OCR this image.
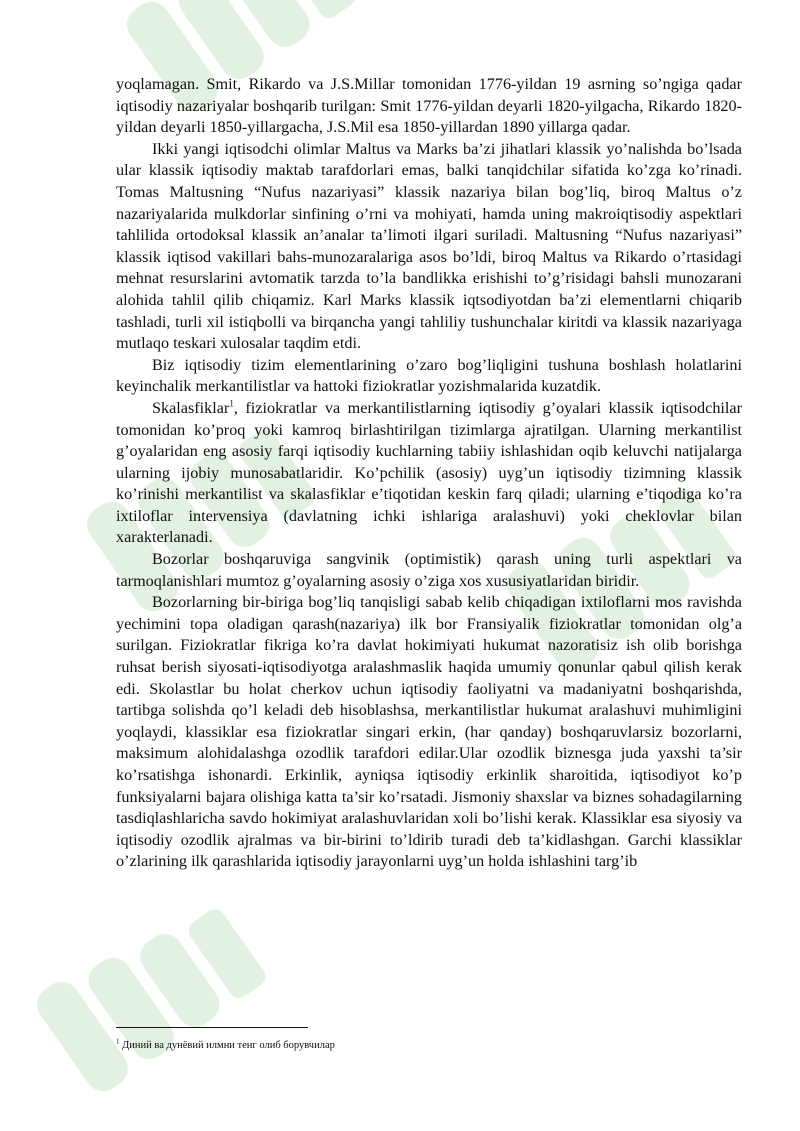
yoqlamagan. Smit, Rikardo va J.S.Millar tomonidan 1776-yildan 19 asrning so’ngiga qadar iqtisodiy nazariyalar boshqarib turilgan: Smit 1776-yildan deyarli 1820-yilgacha, Rikardo 1820-yildan deyarli 1850-yillargacha, J.S.Mil esa 1850-yillardan 1890 yillarga qadar.

Ikki yangi iqtisodchi olimlar Maltus va Marks ba’zi jihatlari klassik yo’nalishda bo’lsada ular klassik iqtisodiy maktab tarafdorlari emas, balki tanqidchilar sifatida ko’zga ko’rinadi. Tomas Maltusning “Nufus nazariyasi” klassik nazariya bilan bog’liq, biroq Maltus o’z nazariyalarida mulkdorlar sinfining o’rni va mohiyati, hamda uning makroiqtisodiy aspektlari tahlilida ortodoksal klassik an’analar ta’limoti ilgari suriladi. Maltusning “Nufus nazariyasi” klassik iqtisod vakillari bahs-munozaralariga asos bo’ldi, biroq Maltus va Rikardo o’rtasidagi mehnat resurslarini avtomatik tarzda to’la bandlikka erishishi to’g’risidagi bahsli munozarani alohida tahlil qilib chiqamiz. Karl Marks klassik iqtsodiyotdan ba’zi elementlarni chiqarib tashladi, turli xil istiqbolli va birqancha yangi tahliliy tushunchalar kiritdi va klassik nazariyaga mutlaqo teskari xulosalar taqdim etdi.

Biz iqtisodiy tizim elementlarining o’zaro bog’liqligini tushuna boshlash holatlarini keyinchalik merkantilistlar va hattoki fiziokratlar yozishmalarida kuzatdik.

Skalasfiklar$^1$, fiziokratlar va merkantilistlarning iqtisodiy g’oyalari klassik iqtisodchilar tomonidan ko’proq yoki kamroq birlashtirilgan tizimlarga ajratilgan. Ularning merkantilist g’oyalaridan eng asosiy farqi iqtisodiy kuchlarning tabiiy ishlashidan oqib keluvchi natijalarga ularning ijobiy munosabatlaridir. Ko’pchilik (asosiy) uyg’un iqtisodiy tizimning klassik ko’rinishi merkantilist va skalasfiklar e’tiqotidan keskin farq qiladi; ularning e’tiqodiga ko’ra ixtiloflar intervensiya (davlatning ichki ishlariga aralashuvi) yoki cheklovlar bilan xarakterlanadi.

Bozorlar boshqaruviga sangvinik (optimistik) qarash uning turli aspektlari va tarmoqlanishlari mumtoz g’oyalarning asosiy o’ziga xos xususiyatlaridan biridir.

Bozorlarning bir-biriga bog’liq tanqisligi sabab kelib chiqadigan ixtiloflarni mos ravishda yechimini topa oladigan qarash(nazariya) ilk bor Fransiyalik fiziokratlar tomonidan olg’a surilgan. Fiziokratlar fikriga ko’ra davlat hokimiyati hukumat nazoratisiz ish olib borishga ruhsat berish siyosati-iqtisodiyotga aralashmaslik haqida umumiy qonunlar qabul qilish kerak edi. Skolastlar bu holat cherkov uchun iqtisodiy faoliyatni va madaniyatni boshqarishda, tartibga solishda qo’l keladi deb hisoblashsa, merkantilistlar hukumat aralashuvi muhimligini yoqlaydi, klassiklar esa fiziokratlar singari erkin, (har qanday) boshqaruvlarsiz bozorlarni, maksimum alohidalashga ozodlik tarafdori edilar.Ular ozodlik biznesga juda yaxshi ta’sir ko’rsatishga ishonardi. Erkinlik, ayniqsa iqtisodiy erkinlik sharoitida, iqtisodiyot ko’p funksiyalarni bajara olishiga katta ta’sir ko’rsatadi. Jismoniy shaxslar va biznes sohadagilarning tasdiqlashlaricha savdo hokimiyat aralashuvlaridan xoli bo’lishi kerak. Klassiklar esa siyosiy va iqtisodiy ozodlik ajralmas va bir-birini to’ldirib turadi deb ta’kidlashgan. Garchi klassiklar o’zlarining ilk qarashlarida iqtisodiy jarayonlarni uyg’un holda ishlashini targ’ib

$^1$ Диний ва дунёвий илмни тенг олиб борувчилар
